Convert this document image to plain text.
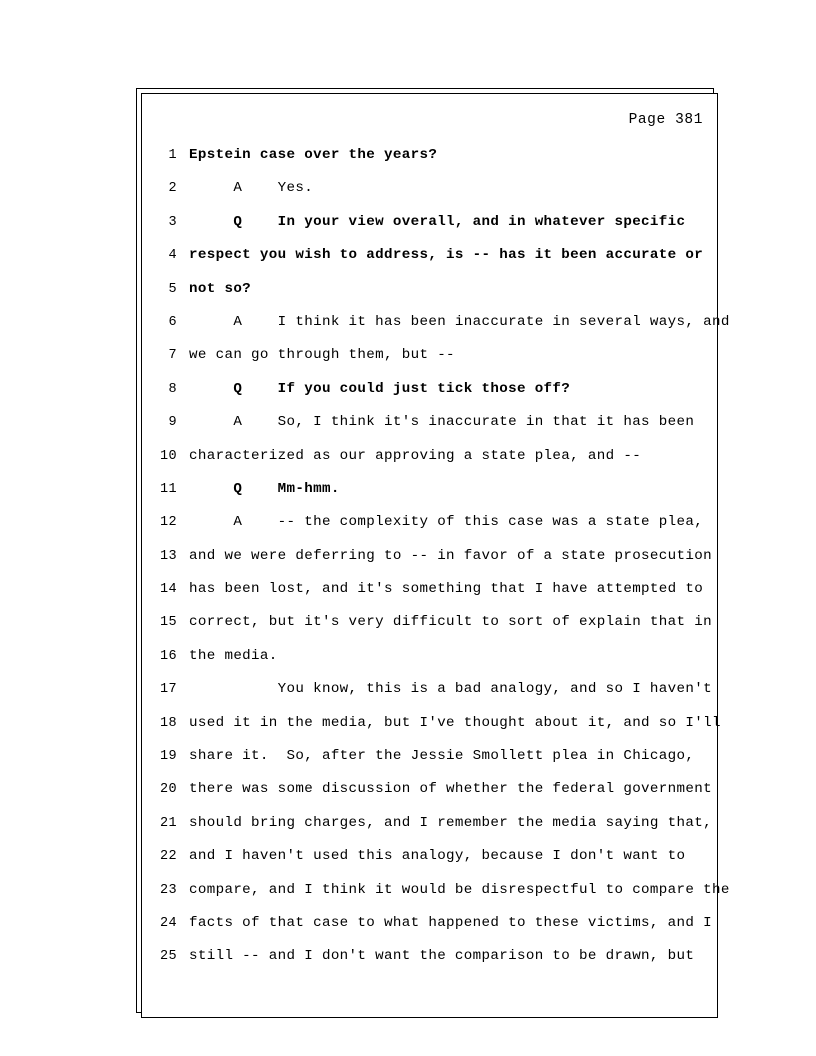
Page 381
1 Epstein case over the years?
2 A    Yes.
3 Q    In your view overall, and in whatever specific
4 respect you wish to address, is -- has it been accurate or
5 not so?
6 A    I think it has been inaccurate in several ways, and
7 we can go through them, but --
8 Q    If you could just tick those off?
9 A    So, I think it's inaccurate in that it has been
10 characterized as our approving a state plea, and --
11 Q    Mm-hmm.
12 A    -- the complexity of this case was a state plea,
13 and we were deferring to -- in favor of a state prosecution
14 has been lost, and it's something that I have attempted to
15 correct, but it's very difficult to sort of explain that in
16 the media.
17 You know, this is a bad analogy, and so I haven't
18 used it in the media, but I've thought about it, and so I'll
19 share it.  So, after the Jessie Smollett plea in Chicago,
20 there was some discussion of whether the federal government
21 should bring charges, and I remember the media saying that,
22 and I haven't used this analogy, because I don't want to
23 compare, and I think it would be disrespectful to compare the
24 facts of that case to what happened to these victims, and I
25 still -- and I don't want the comparison to be drawn, but
